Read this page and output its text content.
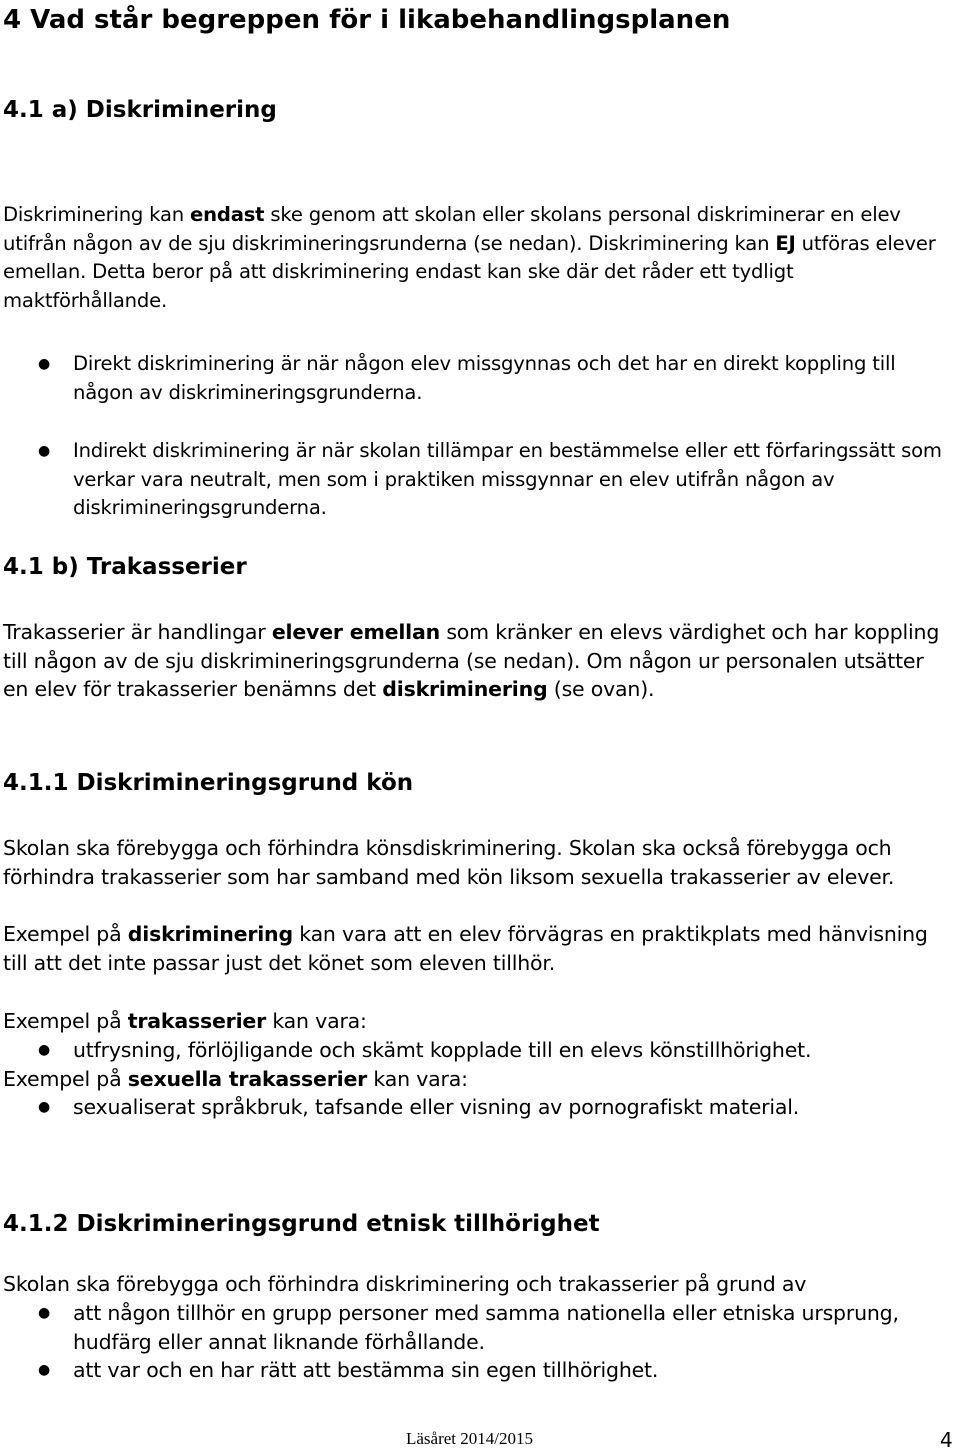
4 Vad står begreppen för i likabehandlingsplanen
4.1 a) Diskriminering

Diskriminering kan endast ske genom att skolan eller skolans personal diskriminerar en elev utifrån någon av de sju diskrimineringsrunderna (se nedan). Diskriminering kan EJ utföras elever emellan. Detta beror på att diskriminering endast kan ske där det råder ett tydligt maktförhållande.

● Direkt diskriminering är när någon elev missgynnas och det har en direkt koppling till någon av diskrimineringsgrunderna.
● Indirekt diskriminering är när skolan tillämpar en bestämmelse eller ett förfaringssätt som verkar vara neutralt, men som i praktiken missgynnar en elev utifrån någon av diskrimineringsgrunderna.
4.1 b) Trakasserier

Trakasserier är handlingar elever emellan som kränker en elevs värdighet och har koppling till någon av de sju diskrimineringsgrunderna (se nedan). Om någon ur personalen utsätter en elev för trakasserier benämns det diskriminering (se ovan).

4.1.1 Diskrimineringsgrund kön

Skolan ska förebygga och förhindra könsdiskriminering. Skolan ska också förebygga och förhindra trakasserier som har samband med kön liksom sexuella trakasserier av elever.

Exempel på diskriminering kan vara att en elev förvägras en praktikplats med hänvisning till att det inte passar just det könet som eleven tillhör.

Exempel på trakasserier kan vara:

● utfrysning, förlöjligande och skämt kopplade till en elevs könstillhörighet.

Exempel på sexuella trakasserier kan vara:

● sexualiserat språkbruk, tafsande eller visning av pornografiskt material.
4.1.2 Diskrimineringsgrund etnisk tillhörighet

Skolan ska förebygga och förhindra diskriminering och trakasserier på grund av

● att någon tillhör en grupp personer med samma nationella eller etniska ursprung, hudfärg eller annat liknande förhållande.
● att var och en har rätt att bestämma sin egen tillhörighet.
Läsåret 2014/2015	4
